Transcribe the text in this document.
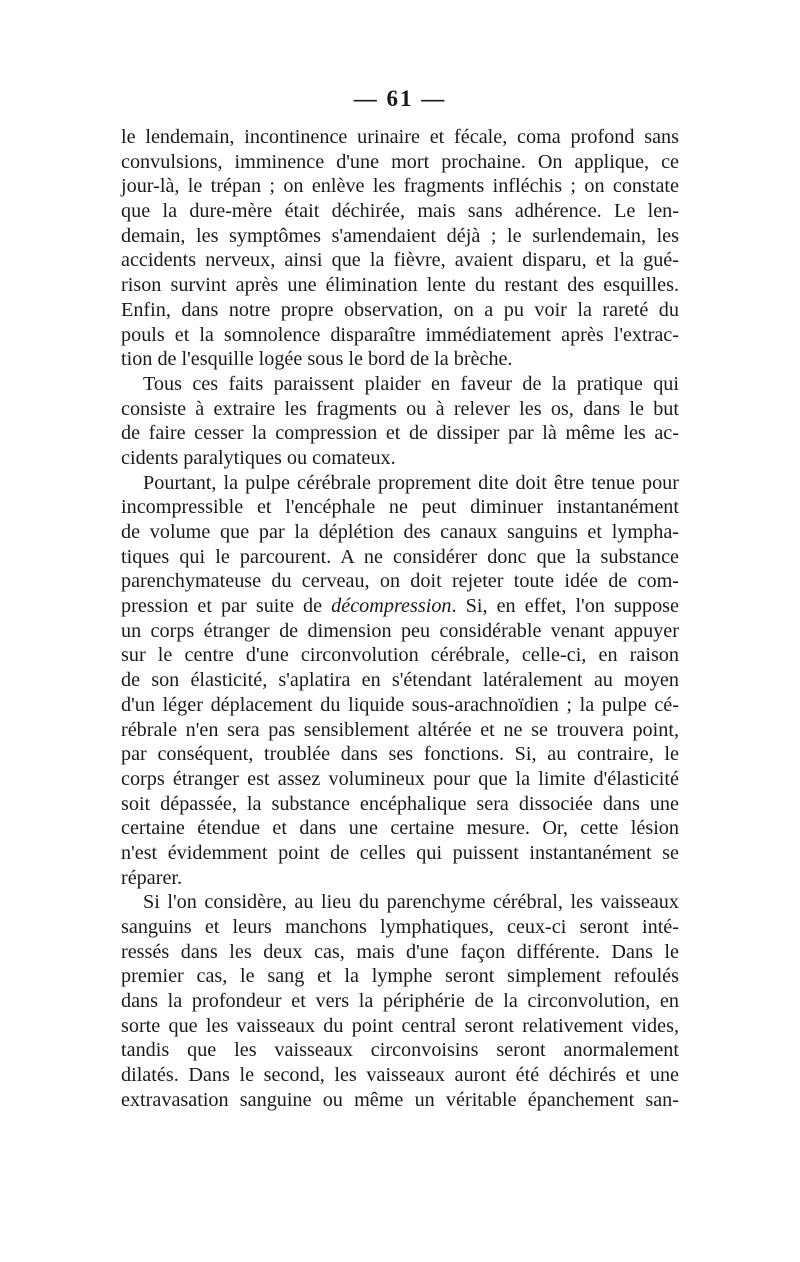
— 61 —
le lendemain, incontinence urinaire et fécale, coma profond sans
convulsions, imminence d'une mort prochaine. On applique, ce
jour-là, le trépan ; on enlève les fragments infléchis ; on constate
que la dure-mère était déchirée, mais sans adhérence. Le len-
demain, les symptômes s'amendaient déjà ; le surlendemain, les
accidents nerveux, ainsi que la fièvre, avaient disparu, et la gué-
rison survint après une élimination lente du restant des esquilles.
Enfin, dans notre propre observation, on a pu voir la rareté du
pouls et la somnolence disparaître immédiatement après l'extrac-
tion de l'esquille logée sous le bord de la brèche.
Tous ces faits paraissent plaider en faveur de la pratique qui
consiste à extraire les fragments ou à relever les os, dans le but
de faire cesser la compression et de dissiper par là même les ac-
cidents paralytiques ou comateux.
Pourtant, la pulpe cérébrale proprement dite doit être tenue pour
incompressible et l'encéphale ne peut diminuer instantanément
de volume que par la déplétion des canaux sanguins et lympha-
tiques qui le parcourent. A ne considérer donc que la substance
parenchymateuse du cerveau, on doit rejeter toute idée de com-
pression et par suite de décompression. Si, en effet, l'on suppose
un corps étranger de dimension peu considérable venant appuyer
sur le centre d'une circonvolution cérébrale, celle-ci, en raison
de son élasticité, s'aplatira en s'étendant latéralement au moyen
d'un léger déplacement du liquide sous-arachnoïdien ; la pulpe cé-
rébrale n'en sera pas sensiblement altérée et ne se trouvera point,
par conséquent, troublée dans ses fonctions. Si, au contraire, le
corps étranger est assez volumineux pour que la limite d'élasticité
soit dépassée, la substance encéphalique sera dissociée dans une
certaine étendue et dans une certaine mesure. Or, cette lésion
n'est évidemment point de celles qui puissent instantanément se
réparer.
Si l'on considère, au lieu du parenchyme cérébral, les vaisseaux
sanguins et leurs manchons lymphatiques, ceux-ci seront inté-
ressés dans les deux cas, mais d'une façon différente. Dans le
premier cas, le sang et la lymphe seront simplement refoulés
dans la profondeur et vers la périphérie de la circonvolution, en
sorte que les vaisseaux du point central seront relativement vides,
tandis que les vaisseaux circonvoisins seront anormalement
dilatés. Dans le second, les vaisseaux auront été déchirés et une
extravasation sanguine ou même un véritable épanchement san-
